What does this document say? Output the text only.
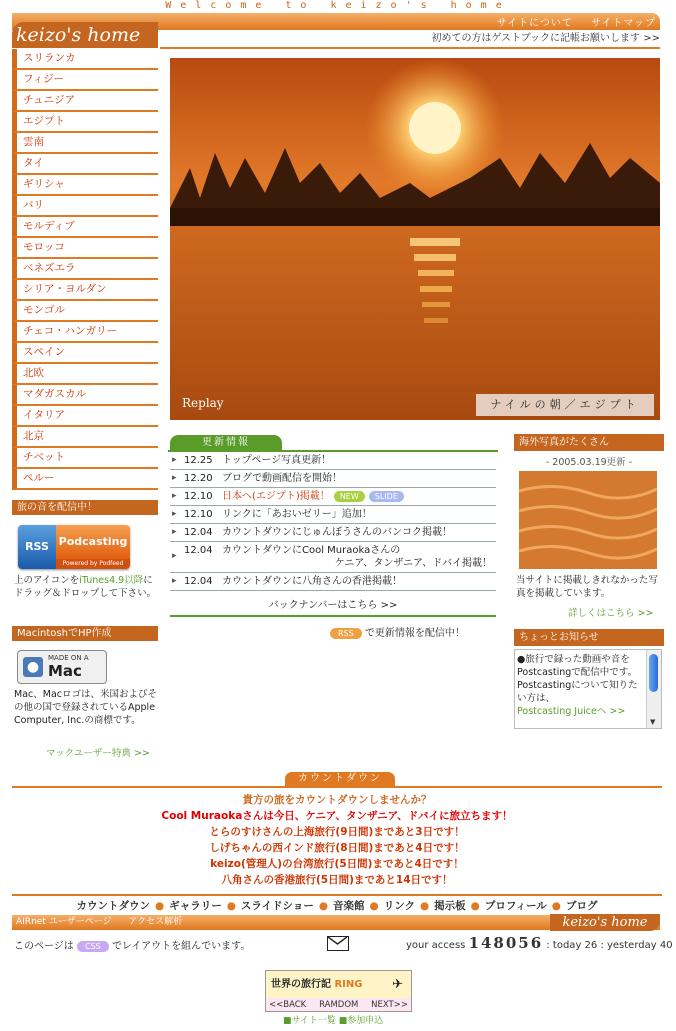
Welcome to keizo's home
keizo's home
サイトについて サイトマップ
初めての方はゲストブックに記帳お願いします >>
スリランカ
フィジー
チュニジア
エジプト
雲南
タイ
ギリシャ
バリ
モルディブ
モロッコ
ベネズエラ
シリア・ヨルダン
モンゴル
チェコ・ハンガリー
スペイン
北欧
マダガスカル
イタリア
北京
チベット
ペルー
旅の音を配信中！
RSS Podcasting
Powered by Podfeed
上のアイコンをiTunes4.9以降にドラッグ＆ドロップして下さい。
MacintoshでHP作成
●
MADE ON A
Mac
Mac、Macロゴは、米国およびその他の国で登録されているApple Computer, Inc.の商標です。
マックユーザー特典 >>
Replay	ナイルの朝／エジプト
更新情報
▸ 12.25 トップページ写真更新！
▸ 12.20 ブログで動画配信を開始！
▸ 12.10 日本へ(エジプト)掲載！ NEW SLIDE
▸ 12.10 リンクに「あおいゼリー」追加！
▸ 12.04 カウントダウンにじゅんぼうさんのバンコク掲載！
▸ 12.04 カウントダウンにCool Muraokaさんの

ケニア、タンザニア、ドバイ掲載！
▸ 12.04 カウントダウンに八角さんの香港掲載！
バックナンバーはこちら >>
RSS で更新情報を配信中！
海外写真がたくさん
- 2005.03.19更新 -
当サイトに掲載しきれなかった写真を掲載しています。
詳しくはこちら >>
ちょっとお知らせ
●旅行で録った動画や音をPostcastingで配信中です。Postcastingについて知りたい方は、
Postcasting Juiceへ >>
▼
カウントダウン
貴方の旅をカウントダウンしませんか？
Cool Muraokaさんは今日、ケニア、タンザニア、ドバイに旅立ちます！
とらのすけさんの上海旅行(9日間)まであと3日です！
しげちゃんの西インド旅行(8日間)まであと4日です！
keizo(管理人)の台湾旅行(5日間)まであと4日です！
八角さんの香港旅行(5日間)まであと14日です！
カウントダウン ● ギャラリー ● スライドショー ● 音楽館 ● リンク ● 掲示板 ● プロフィール ● ブログ
AIRnet ユーザーページ アクセス解析	keizo's home
このページは CSS でレイアウトを組んでいます。	your access 148056 : today 26 : yesterday 40
世界の旅行記 RING ✈
<<BACK RAMDOM NEXT>>
■サイト一覧 ■参加申込
